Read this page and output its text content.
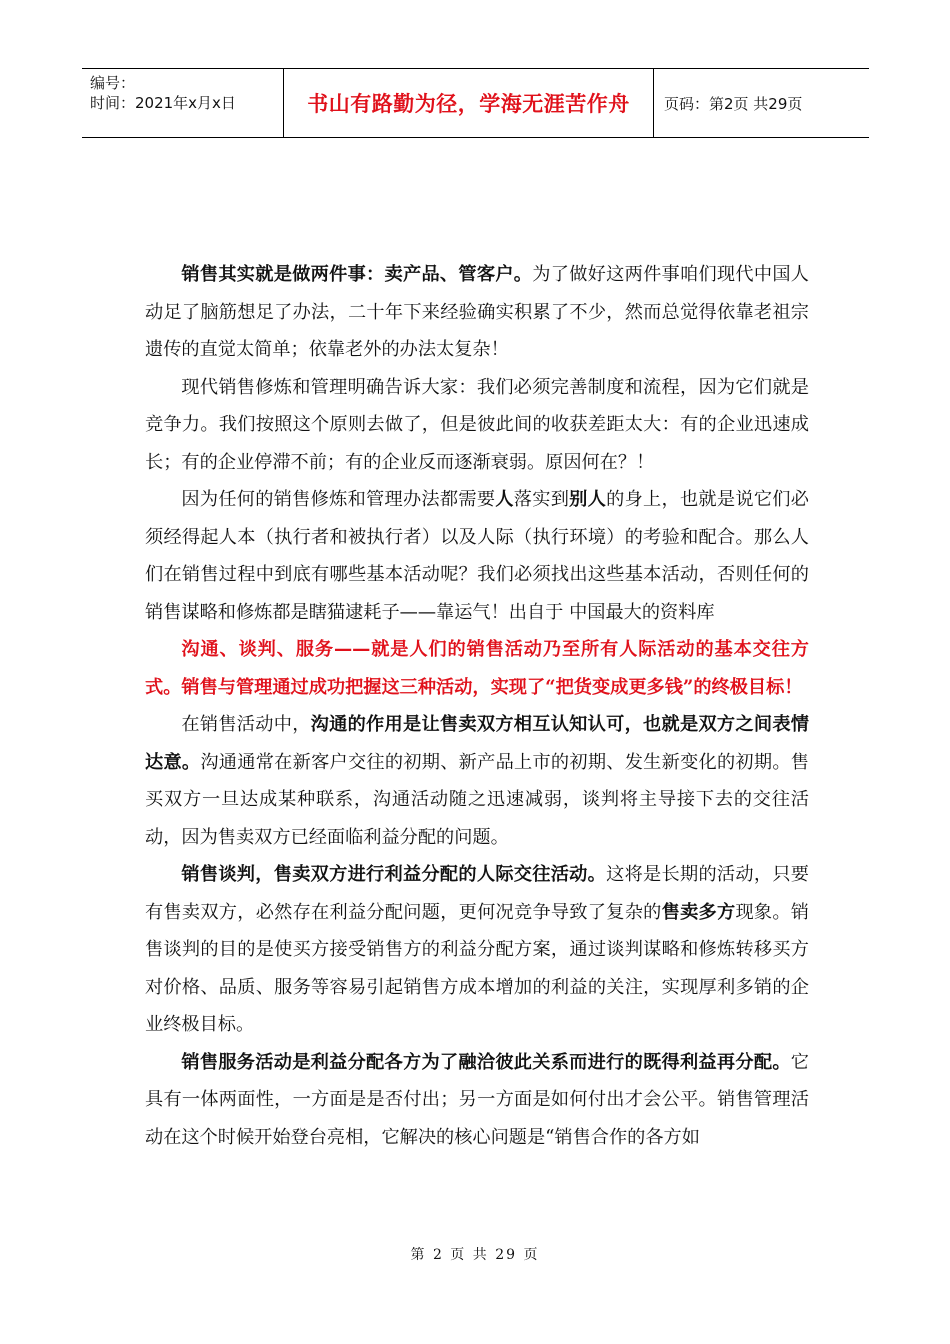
编号：
时间：2021年x月x日	书山有路勤为径，学海无涯苦作舟	页码：第2页 共29页

销售其实就是做两件事：卖产品、管客户。为了做好这两件事咱们现代中国人动足了脑筋想足了办法，二十年下来经验确实积累了不少，然而总觉得依靠老祖宗遗传的直觉太简单；依靠老外的办法太复杂！

现代销售修炼和管理明确告诉大家：我们必须完善制度和流程，因为它们就是竞争力。我们按照这个原则去做了，但是彼此间的收获差距太大：有的企业迅速成长；有的企业停滞不前；有的企业反而逐渐衰弱。原因何在？！

因为任何的销售修炼和管理办法都需要人落实到别人的身上，也就是说它们必须经得起人本（执行者和被执行者）以及人际（执行环境）的考验和配合。那么人们在销售过程中到底有哪些基本活动呢？我们必须找出这些基本活动，否则任何的销售谋略和修炼都是瞎猫逮耗子——靠运气！出自于 中国最大的资料库

沟通、谈判、服务——就是人们的销售活动乃至所有人际活动的基本交往方式。销售与管理通过成功把握这三种活动，实现了“把货变成更多钱”的终极目标！

在销售活动中，沟通的作用是让售卖双方相互认知认可，也就是双方之间表情达意。沟通通常在新客户交往的初期、新产品上市的初期、发生新变化的初期。售买双方一旦达成某种联系，沟通活动随之迅速减弱，谈判将主导接下去的交往活动，因为售卖双方已经面临利益分配的问题。

销售谈判，售卖双方进行利益分配的人际交往活动。这将是长期的活动，只要有售卖双方，必然存在利益分配问题，更何况竞争导致了复杂的售卖多方现象。销售谈判的目的是使买方接受销售方的利益分配方案，通过谈判谋略和修炼转移买方对价格、品质、服务等容易引起销售方成本增加的利益的关注，实现厚利多销的企业终极目标。

销售服务活动是利益分配各方为了融洽彼此关系而进行的既得利益再分配。它具有一体两面性，一方面是是否付出；另一方面是如何付出才会公平。销售管理活动在这个时候开始登台亮相，它解决的核心问题是“销售合作的各方如

第 2 页 共 29 页
